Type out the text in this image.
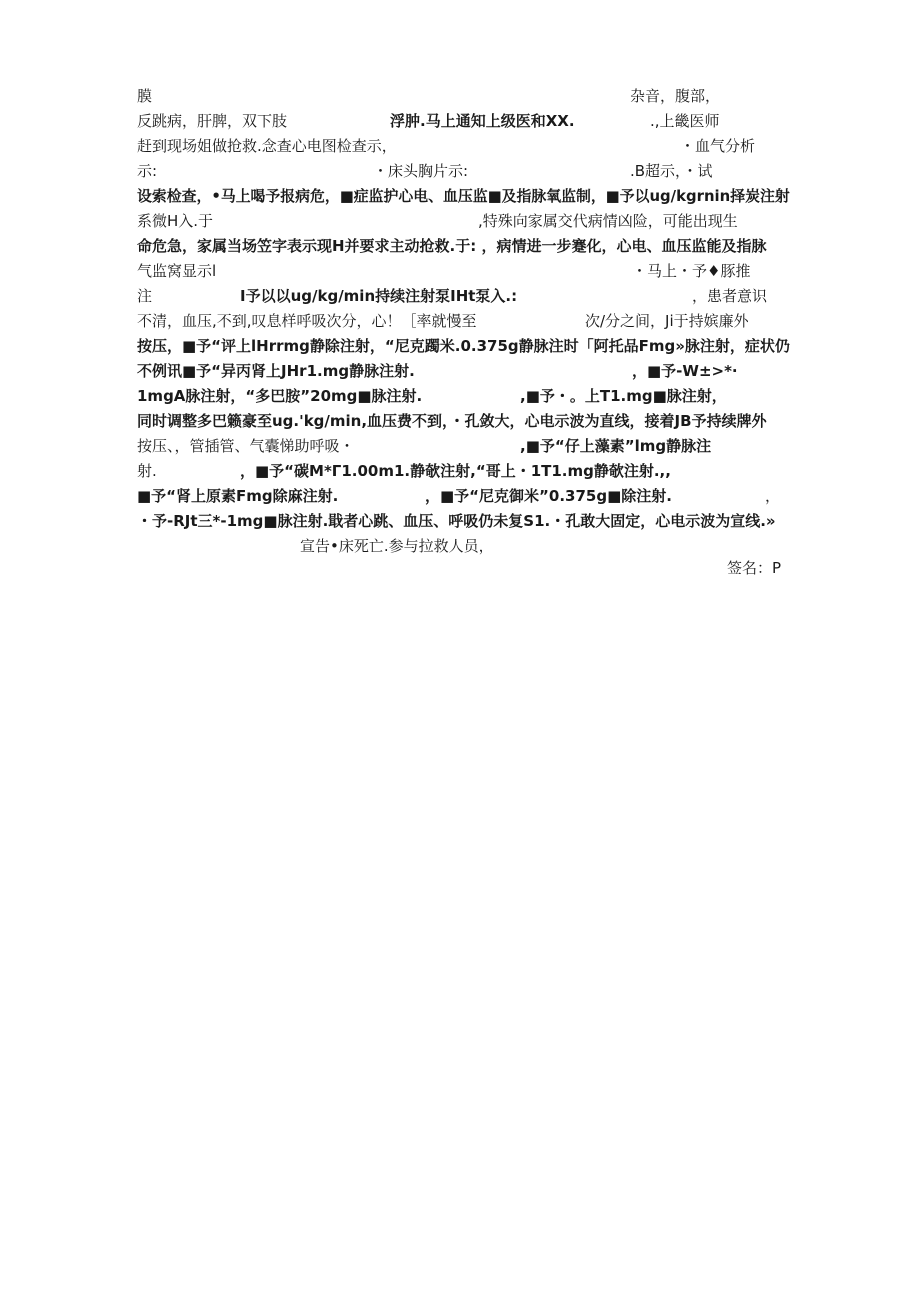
膜	杂音，腹部，
反跳病，肝脾，双下肢	浮肿.马上通知上级医和XX.	.,上畿医师
赶到现场姐做抢救.念查心电图检查示，	・血气分析
示:	・床头胸片示:	.B超示，・试
设索检查，•马上喝予报病危，■症监护心电、血压监■及指脉氧监制，■予以ug/kgrnin择炭注射
系微H入.于	,特殊向家属交代病情凶险，可能出现生
命危急，家属当场笠字表示现H并要求主动抢救.于: ，病情进一步蹇化，心电、血压监能及指脉
气监窝显示l	・马上・予♦豚推
注	I予以以ug/kg/min持续注射泵IHt泵入.:	，患者意识
不清，血压,不到,叹息样呼吸次分，心！［率就慢至	次/分之间，Ji于持嫔廉外
按压，■予“评上lHrrmg静除注射，“尼克躅米.0.375g静脉注时「阿托品Fmg»脉注射，症状仍
不例讯■予“异丙肾上JHr1.mg静脉注射.	，■予-W±>*·
1mgA脉注射，“多巴胺”20mg■脉注射.	,■予・。上T1.mg■脉注射，
同时调整多巴籁豪至ug.'kg/min,血压费不到，・孔敛大，心电示波为直线，接着JB予持续牌外
按压、，管插管、气囊悌助呼吸・	,■予“仔上藻素”lmg静脉注
射.	，■予“碳M*Г1.00m1.静欹注射,“哥上・1T1.mg静欹注射.,,
■予“肾上原素Fmg除麻注射.	，■予“尼克御米”0.375g■除注射.	，
・予-RJt三*-1mg■脉注射.戢者心跳、血压、呼吸仍未复S1.・孔敢大固定，心电示波为宣线.»
宣告•床死亡.参与拉救人员，
签名：P
